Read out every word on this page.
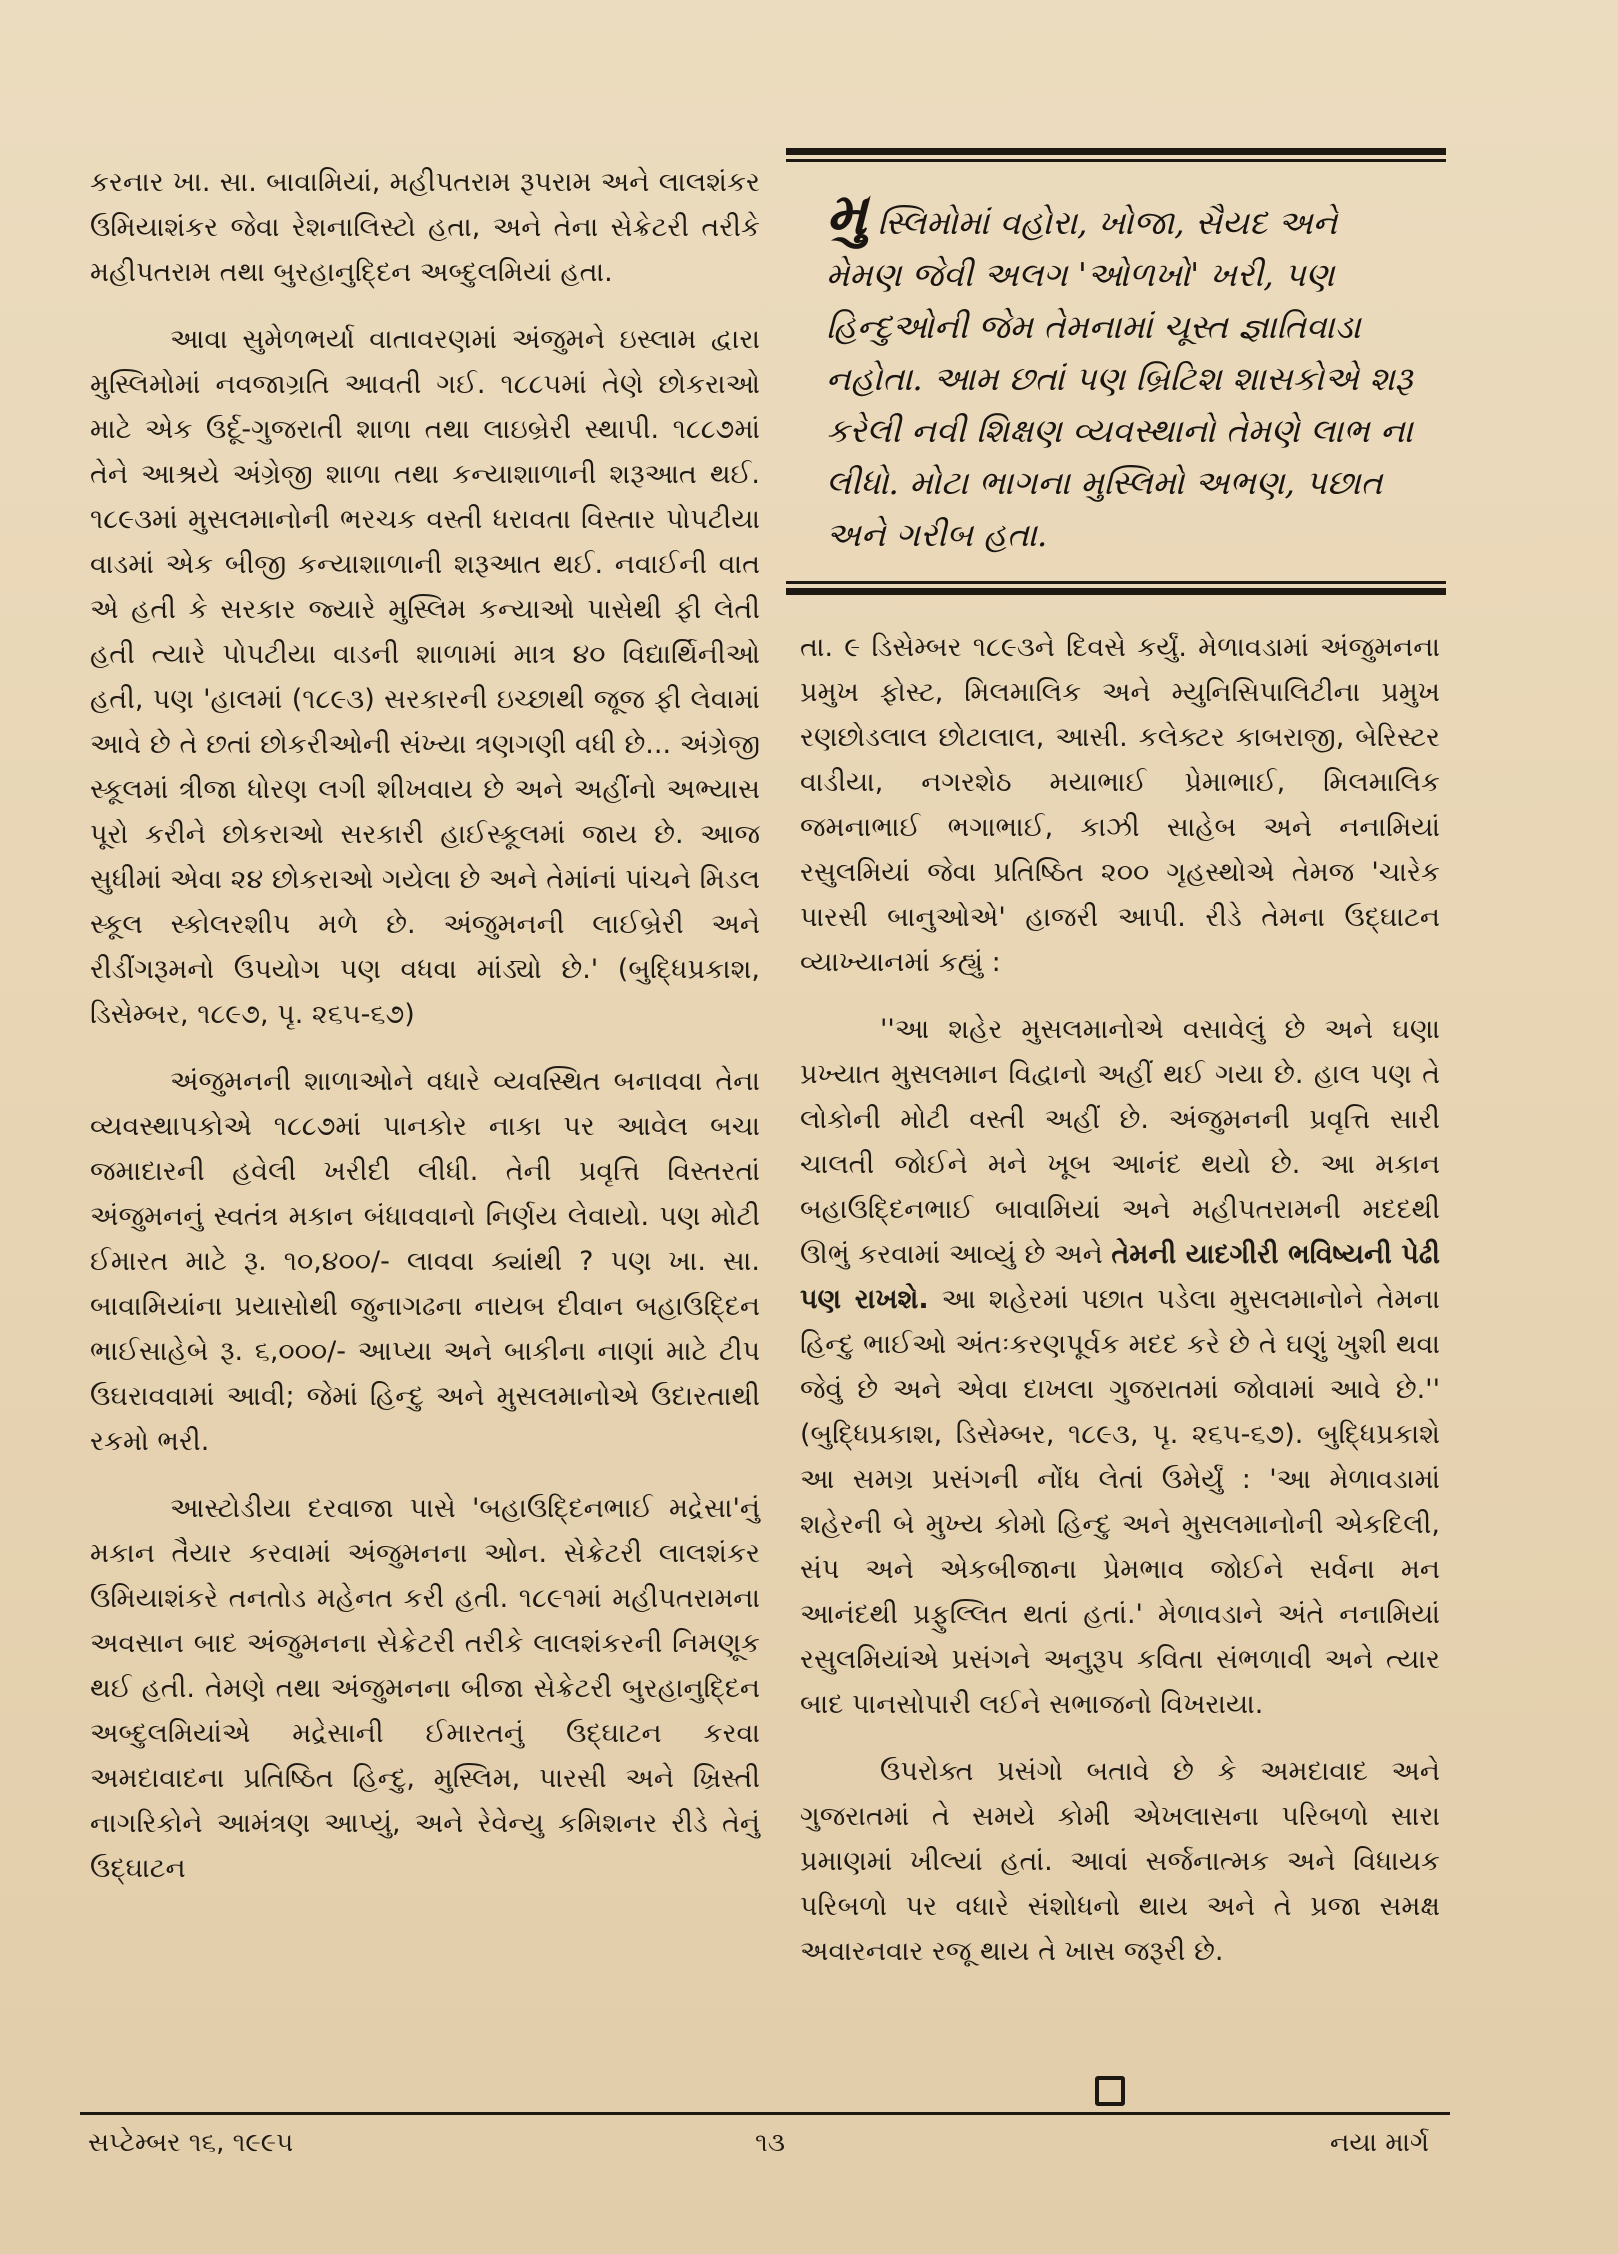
કરનાર ખા. સા. બાવામિયાં, મહીપતરામ રૂપરામ અને લાલશંકર ઉમિયાશંકર જેવા રેશનાલિસ્ટો હતા, અને તેના સેક્રેટરી તરીકે મહીપતરામ તથા બુરહાનુદ્દિન અબ્દુલમિયાં હતા.

આવા સુમેળભર્યા વાતાવરણમાં અંજુમને ઇસ્લામ દ્વારા મુસ્લિમોમાં નવજાગ્રતિ આવતી ગઈ. ૧૮૮૫માં તેણે છોકરાઓ માટે એક ઉર્દૂ-ગુજરાતી શાળા તથા લાઇબ્રેરી સ્થાપી. ૧૮૮૭માં તેને આશ્રયે અંગ્રેજી શાળા તથા કન્યાશાળાની શરૂઆત થઈ. ૧૮૯૩માં મુસલમાનોની ભરચક વસ્તી ધરાવતા વિસ્તાર પોપટીયા વાડમાં એક બીજી કન્યાશાળાની શરૂઆત થઈ. નવાઈની વાત એ હતી કે સરકાર જ્યારે મુસ્લિમ કન્યાઓ પાસેથી ફી લેતી હતી ત્યારે પોપટીયા વાડની શાળામાં માત્ર ૪૦ વિદ્યાર્થિનીઓ હતી, પણ 'હાલમાં (૧૮૯૩) સરકારની ઇચ્છાથી જૂજ ફી લેવામાં આવે છે તે છતાં છોકરીઓની સંખ્યા ત્રણગણી વધી છે... અંગ્રેજી સ્કૂલમાં ત્રીજા ધોરણ લગી શીખવાય છે અને અહીંનો અભ્યાસ પૂરો કરીને છોકરાઓ સરકારી હાઈસ્કૂલમાં જાય છે. આજ સુધીમાં એવા ૨૪ છોકરાઓ ગયેલા છે અને તેમાંનાં પાંચને મિડલ સ્કૂલ સ્કોલરશીપ મળે છે. અંજુમનની લાઈબ્રેરી અને રીડીંગરૂમનો ઉપયોગ પણ વધવા માંડ્યો છે.' (બુદ્ધિપ્રકાશ, ડિસેમ્બર, ૧૮૯૭, પૃ. ૨૬૫-૬૭)

અંજુમનની શાળાઓને વધારે વ્યવસ્થિત બનાવવા તેના વ્યવસ્થાપકોએ ૧૮૮૭માં પાનકોર નાકા પર આવેલ બચા જમાદારની હવેલી ખરીદી લીધી. તેની પ્રવૃત્તિ વિસ્તરતાં અંજુમનનું સ્વતંત્ર મકાન બંધાવવાનો નિર્ણય લેવાયો. પણ મોટી ઈમારત માટે રૂ. ૧૦,૪૦૦/- લાવવા ક્યાંથી ? પણ ખા. સા. બાવામિયાંના પ્રયાસોથી જુનાગઢના નાયબ દીવાન બહાઉદ્દિન ભાઈસાહેબે રૂ. ૬,૦૦૦/- આપ્યા અને બાકીના નાણાં માટે ટીપ ઉઘરાવવામાં આવી; જેમાં હિન્દુ અને મુસલમાનોએ ઉદારતાથી રકમો ભરી.

આસ્ટોડીયા દરવાજા પાસે 'બહાઉદ્દિનભાઈ મદ્રેસા'નું મકાન તૈયાર કરવામાં અંજુમનના ઓન. સેક્રેટરી લાલશંકર ઉમિયાશંકરે તનતોડ મહેનત કરી હતી. ૧૮૯૧માં મહીપતરામના અવસાન બાદ અંજુમનના સેક્રેટરી તરીકે લાલશંકરની નિમણૂક થઈ હતી. તેમણે તથા અંજુમનના બીજા સેક્રેટરી બુરહાનુદ્દિન અબ્દુલમિયાંએ મદ્રેસાની ઈમારતનું ઉદ્ઘાટન કરવા અમદાવાદના પ્રતિષ્ઠિત હિન્દુ, મુસ્લિમ, પારસી અને ખ્રિસ્તી નાગરિકોને આમંત્રણ આપ્યું, અને રેવેન્યુ કમિશનર રીડે તેનું ઉદ્ઘાટન

મુ સ્લિમોમાં વહોરા, ખોજા, સૈયદ અને મેમણ જેવી અલગ 'ઓળખો' ખરી, પણ હિન્દુઓની જેમ તેમનામાં ચૂસ્ત જ્ઞાતિવાડા નહોતા. આમ છતાં પણ બ્રિટિશ શાસકોએ શરૂ કરેલી નવી શિક્ષણ વ્યવસ્થાનો તેમણે લાભ ના લીધો. મોટા ભાગના મુસ્લિમો અભણ, પછાત અને ગરીબ હતા.

તા. ૯ ડિસેમ્બર ૧૮૯૩ને દિવસે કર્યું. મેળાવડામાં અંજુમનના પ્રમુખ ફોસ્ટ, મિલમાલિક અને મ્યુનિસિપાલિટીના પ્રમુખ રણછોડલાલ છોટાલાલ, આસી. કલેક્ટર કાબરાજી, બેરિસ્ટર વાડીયા, નગરશેઠ મયાભાઈ પ્રેમાભાઈ, મિલમાલિક જમનાભાઈ ભગાભાઈ, કાઝી સાહેબ અને નનામિયાં રસુલમિયાં જેવા પ્રતિષ્ઠિત ૨૦૦ ગૃહસ્થોએ તેમજ 'ચારેક પારસી બાનુઓએ' હાજરી આપી. રીડે તેમના ઉદ્ઘાટન વ્યાખ્યાનમાં કહ્યું :

''આ શહેર મુસલમાનોએ વસાવેલું છે અને ઘણા પ્રખ્યાત મુસલમાન વિદ્વાનો અહીં થઈ ગયા છે. હાલ પણ તે લોકોની મોટી વસ્તી અહીં છે. અંજુમનની પ્રવૃત્તિ સારી ચાલતી જોઈને મને ખૂબ આનંદ થયો છે. આ મકાન બહાઉદ્દિનભાઈ બાવામિયાં અને મહીપતરામની મદદથી ઊભું કરવામાં આવ્યું છે અને તેમની યાદગીરી ભવિષ્યની પેઢી પણ રાખશે. આ શહેરમાં પછાત પડેલા મુસલમાનોને તેમના હિન્દુ ભાઈઓ અંતઃકરણપૂર્વક મદદ કરે છે તે ઘણું ખુશી થવા જેવું છે અને એવા દાખલા ગુજરાતમાં જોવામાં આવે છે.'' (બુદ્ધિપ્રકાશ, ડિસેમ્બર, ૧૮૯૩, પૃ. ૨૬૫-૬૭). બુદ્ધિપ્રકાશે આ સમગ્ર પ્રસંગની નોંધ લેતાં ઉમેર્યું : 'આ મેળાવડામાં શહેરની બે મુખ્ય કોમો હિન્દુ અને મુસલમાનોની એકદિલી, સંપ અને એકબીજાના પ્રેમભાવ જોઈને સર્વના મન આનંદથી પ્રફુલ્લિત થતાં હતાં.' મેળાવડાને અંતે નનામિયાં રસુલમિયાંએ પ્રસંગને અનુરૂપ કવિતા સંભળાવી અને ત્યાર બાદ પાનસોપારી લઈને સભાજનો વિખરાયા.

ઉપરોક્ત પ્રસંગો બતાવે છે કે અમદાવાદ અને ગુજરાતમાં તે સમયે કોમી એખલાસના પરિબળો સારા પ્રમાણમાં ખીલ્યાં હતાં. આવાં સર્જનાત્મક અને વિધાયક પરિબળો પર વધારે સંશોધનો થાય અને તે પ્રજા સમક્ષ અવારનવાર રજૂ થાય તે ખાસ જરૂરી છે.

સપ્ટેમ્બર ૧૬, ૧૯૯૫	૧૩	નયા માર્ગ
